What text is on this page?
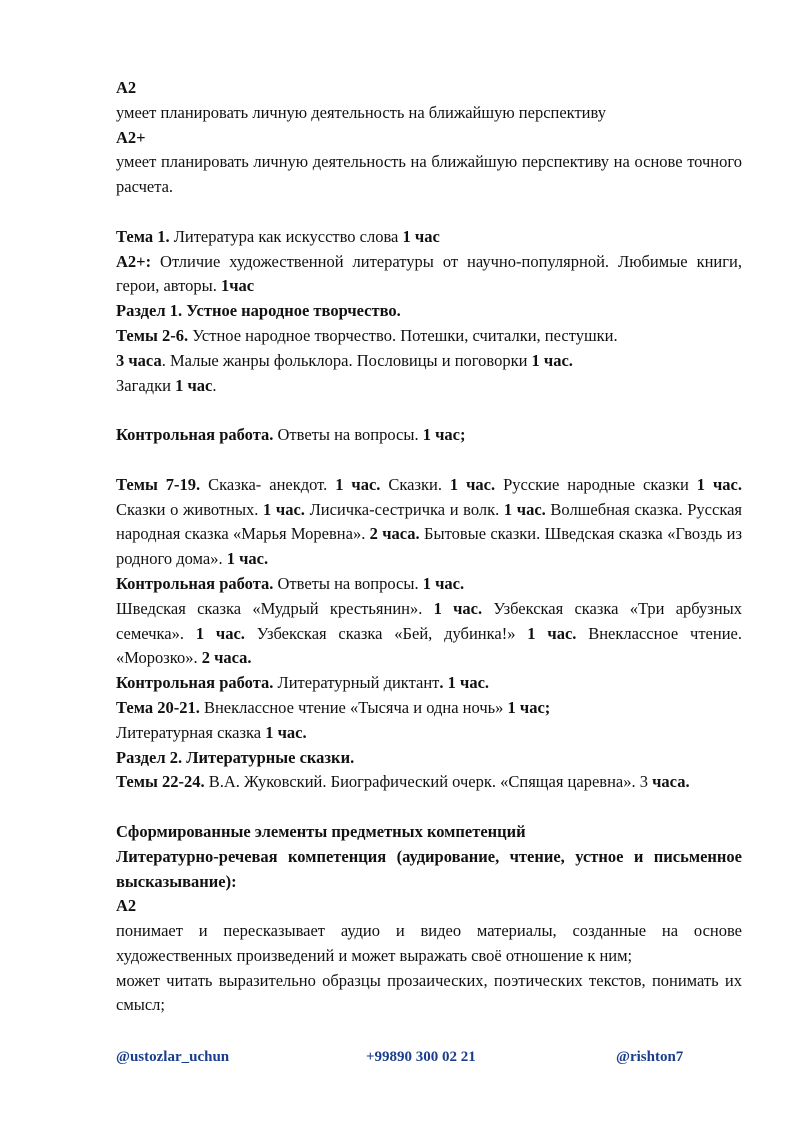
A2
умеет планировать личную деятельность на ближайшую перспективу
A2+
умеет планировать личную деятельность на ближайшую перспективу на основе точного расчета.
Тема 1. Литература как искусство слова 1 час
A2+: Отличие художественной литературы от научно-популярной. Любимые книги, герои, авторы. 1час
Раздел 1. Устное народное творчество.
Темы 2-6. Устное народное творчество. Потешки, считалки, пестушки.
3 часа. Малые жанры фольклора. Пословицы и поговорки 1 час.
Загадки 1 час.
Контрольная работа. Ответы на вопросы. 1 час;
Темы 7-19. Сказка- анекдот. 1 час. Сказки. 1 час. Русские народные сказки 1 час. Сказки о животных. 1 час. Лисичка-сестричка и волк. 1 час. Волшебная сказка. Русская народная сказка «Марья Моревна». 2 часа. Бытовые сказки. Шведская сказка «Гвоздь из родного дома». 1 час.
Контрольная работа. Ответы на вопросы. 1 час.
Шведская сказка «Мудрый крестьянин». 1 час. Узбекская сказка «Три арбузных семечка». 1 час. Узбекская сказка «Бей, дубинка!» 1 час. Внеклассное чтение. «Морозко». 2 часа.
Контрольная работа. Литературный диктант. 1 час.
Тема 20-21. Внеклассное чтение «Тысяча и одна ночь» 1 час;
Литературная сказка 1 час.
Раздел 2. Литературные сказки.
Темы 22-24. В.А. Жуковский. Биографический очерк. «Спящая царевна». 3 часа.
Сформированные элементы предметных компетенций
Литературно-речевая компетенция (аудирование, чтение, устное и письменное высказывание):
A2
понимает и пересказывает аудио и видео материалы, созданные на основе художественных произведений и может выражать своё отношение к ним;
может читать выразительно образцы прозаических, поэтических текстов, понимать их смысл;
@ustozlar_uchun	+99890 300 02 21	@rishton7
